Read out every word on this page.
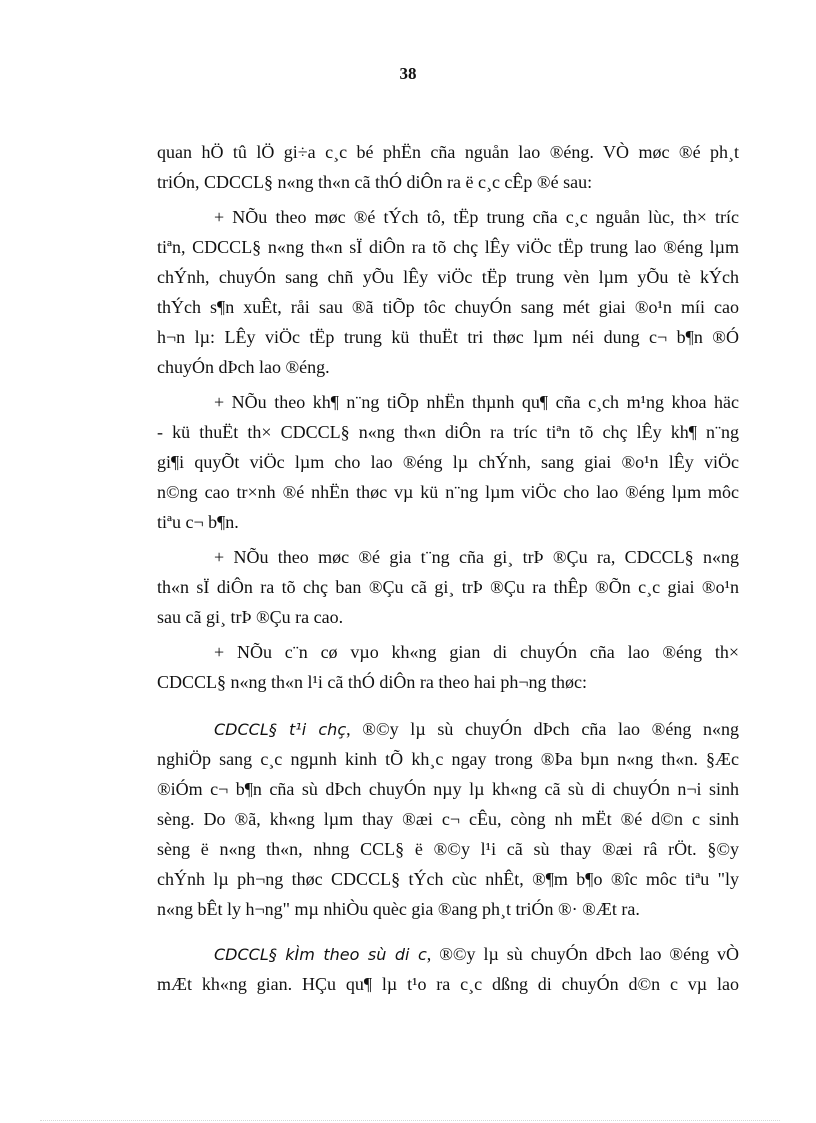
38
quan hÖ tû lÖ gi÷a c¸c bé phËn cña nguån lao ®éng. VÒ møc ®é ph¸t
triÓn, CDCCL§ n«ng th«n cã thÓ diÔn ra ë c¸c cÊp ®é sau:
+ NÕu theo møc ®é tÝch tô, tËp trung cña c¸c nguån lùc, th× tríc
tiªn, CDCCL§ n«ng th«n sÏ diÔn ra tõ chç lÊy viÖc tËp trung lao ®éng lµm
chÝnh, chuyÓn sang chñ yÕu lÊy viÖc tËp trung vèn lµm yÕu tè kÝch
thÝch s¶n xuÊt, råi sau ®ã tiÕp tôc chuyÓn sang mét giai ®o¹n míi cao
h¬n lµ: LÊy viÖc tËp trung kü thuËt tri thøc lµm néi dung c¬ b¶n ®Ó
chuyÓn dÞch lao ®éng.
+ NÕu theo kh¶ n¨ng tiÕp nhËn thµnh qu¶ cña c¸ch m¹ng khoa häc
- kü thuËt th× CDCCL§ n«ng th«n diÔn ra tríc tiªn tõ chç lÊy kh¶ n¨ng
gi¶i quyÕt viÖc lµm cho lao ®éng lµ chÝnh, sang giai ®o¹n lÊy viÖc
n©ng cao tr×nh ®é nhËn thøc vµ kü n¨ng lµm viÖc cho lao ®éng lµm môc
tiªu c¬ b¶n.
+ NÕu theo møc ®é gia t¨ng cña gi¸ trÞ ®Çu ra, CDCCL§ n«ng
th«n sÏ diÔn ra tõ chç ban ®Çu cã gi¸ trÞ ®Çu ra thÊp ®Õn c¸c giai ®o¹n
sau cã gi¸ trÞ ®Çu ra cao.
+ NÕu c¨n cø vµo kh«ng gian di chuyÓn cña lao ®éng th×
CDCCL§ n«ng th«n l¹i cã thÓ diÔn ra theo hai ph¬ng thøc:
CDCCL§ t¹i chç, ®©y lµ sù chuyÓn dÞch cña lao ®éng n«ng
nghiÖp sang c¸c ngµnh kinh tÕ kh¸c ngay trong ®Þa bµn n«ng th«n. §Æc
®iÓm c¬ b¶n cña sù dÞch chuyÓn nµy lµ kh«ng cã sù di chuyÓn n¬i sinh
sèng. Do ®ã, kh«ng lµm thay ®æi c¬ cÊu, còng nh mËt ®é d©n c sinh
sèng ë n«ng th«n, nhng CCL§ ë ®©y l¹i cã sù thay ®æi râ rÖt. §©y
chÝnh lµ ph¬ng thøc CDCCL§ tÝch cùc nhÊt, ®¶m b¶o ®îc môc tiªu "ly
n«ng bÊt ly h¬ng" mµ nhiÒu quèc gia ®ang ph¸t triÓn ®· ®Æt ra.
CDCCL§ kÌm theo sù di c, ®©y lµ sù chuyÓn dÞch lao ®éng vÒ
mÆt kh«ng gian. HÇu qu¶ lµ t¹o ra c¸c dßng di chuyÓn d©n c vµ lao
